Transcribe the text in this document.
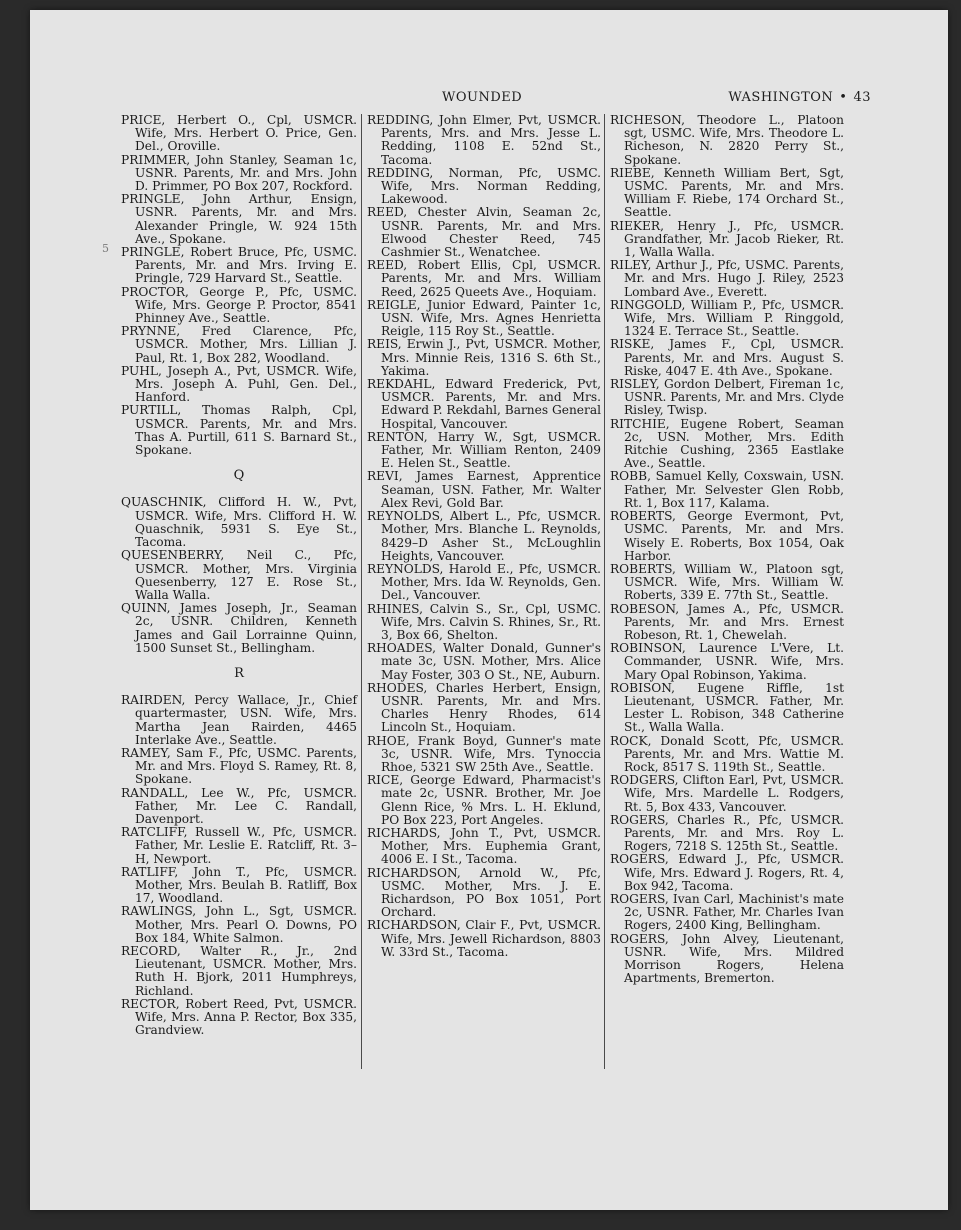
WOUNDED	WASHINGTON • 43
5

PRICE, Herbert O., Cpl, USMCR. Wife, Mrs. Herbert O. Price, Gen. Del., Oroville.

PRIMMER, John Stanley, Seaman 1c, USNR. Parents, Mr. and Mrs. John D. Primmer, PO Box 207, Rockford.

PRINGLE, John Arthur, Ensign, USNR. Parents, Mr. and Mrs. Alexander Pringle, W. 924 15th Ave., Spokane.

PRINGLE, Robert Bruce, Pfc, USMC. Parents, Mr. and Mrs. Irving E. Pringle, 729 Harvard St., Seattle.

PROCTOR, George P., Pfc, USMC. Wife, Mrs. George P. Proctor, 8541 Phinney Ave., Seattle.

PRYNNE, Fred Clarence, Pfc, USMCR. Mother, Mrs. Lillian J. Paul, Rt. 1, Box 282, Woodland.

PUHL, Joseph A., Pvt, USMCR. Wife, Mrs. Joseph A. Puhl, Gen. Del., Hanford.

PURTILL, Thomas Ralph, Cpl, USMCR. Parents, Mr. and Mrs. Thas A. Purtill, 611 S. Barnard St., Spokane.

Q

QUASCHNIK, Clifford H. W., Pvt, USMCR. Wife, Mrs. Clifford H. W. Quaschnik, 5931 S. Eye St., Tacoma.

QUESENBERRY, Neil C., Pfc, USMCR. Mother, Mrs. Virginia Quesenberry, 127 E. Rose St., Walla Walla.

QUINN, James Joseph, Jr., Seaman 2c, USNR. Children, Kenneth James and Gail Lorrainne Quinn, 1500 Sunset St., Bellingham.

R

RAIRDEN, Percy Wallace, Jr., Chief quartermaster, USN. Wife, Mrs. Martha Jean Rairden, 4465 Interlake Ave., Seattle.

RAMEY, Sam F., Pfc, USMC. Parents, Mr. and Mrs. Floyd S. Ramey, Rt. 8, Spokane.

RANDALL, Lee W., Pfc, USMCR. Father, Mr. Lee C. Randall, Davenport.

RATCLIFF, Russell W., Pfc, USMCR. Father, Mr. Leslie E. Ratcliff, Rt. 3–H, Newport.

RATLIFF, John T., Pfc, USMCR. Mother, Mrs. Beulah B. Ratliff, Box 17, Woodland.

RAWLINGS, John L., Sgt, USMCR. Mother, Mrs. Pearl O. Downs, PO Box 184, White Salmon.

RECORD, Walter R., Jr., 2nd Lieutenant, USMCR. Mother, Mrs. Ruth H. Bjork, 2011 Humphreys, Richland.

RECTOR, Robert Reed, Pvt, USMCR. Wife, Mrs. Anna P. Rector, Box 335, Grandview.

REDDING, John Elmer, Pvt, USMCR. Parents, Mrs. and Mrs. Jesse L. Redding, 1108 E. 52nd St., Tacoma.

REDDING, Norman, Pfc, USMC. Wife, Mrs. Norman Redding, Lakewood.

REED, Chester Alvin, Seaman 2c, USNR. Parents, Mr. and Mrs. Elwood Chester Reed, 745 Cashmier St., Wenatchee.

REED, Robert Ellis, Cpl, USMCR. Parents, Mr. and Mrs. William Reed, 2625 Queets Ave., Hoquiam.

REIGLE, Junior Edward, Painter 1c, USN. Wife, Mrs. Agnes Henrietta Reigle, 115 Roy St., Seattle.

REIS, Erwin J., Pvt, USMCR. Mother, Mrs. Minnie Reis, 1316 S. 6th St., Yakima.

REKDAHL, Edward Frederick, Pvt, USMCR. Parents, Mr. and Mrs. Edward P. Rekdahl, Barnes General Hospital, Vancouver.

RENTON, Harry W., Sgt, USMCR. Father, Mr. William Renton, 2409 E. Helen St., Seattle.

REVI, James Earnest, Apprentice Seaman, USN. Father, Mr. Walter Alex Revi, Gold Bar.

REYNOLDS, Albert L., Pfc, USMCR. Mother, Mrs. Blanche L. Reynolds, 8429–D Asher St., McLoughlin Heights, Vancouver.

REYNOLDS, Harold E., Pfc, USMCR. Mother, Mrs. Ida W. Reynolds, Gen. Del., Vancouver.

RHINES, Calvin S., Sr., Cpl, USMC. Wife, Mrs. Calvin S. Rhines, Sr., Rt. 3, Box 66, Shelton.

RHOADES, Walter Donald, Gunner's mate 3c, USN. Mother, Mrs. Alice May Foster, 303 O St., NE, Auburn.

RHODES, Charles Herbert, Ensign, USNR. Parents, Mr. and Mrs. Charles Henry Rhodes, 614 Lincoln St., Hoquiam.

RHOE, Frank Boyd, Gunner's mate 3c, USNR. Wife, Mrs. Tynoccia Rhoe, 5321 SW 25th Ave., Seattle.

RICE, George Edward, Pharmacist's mate 2c, USNR. Brother, Mr. Joe Glenn Rice, % Mrs. L. H. Eklund, PO Box 223, Port Angeles.

RICHARDS, John T., Pvt, USMCR. Mother, Mrs. Euphemia Grant, 4006 E. I St., Tacoma.

RICHARDSON, Arnold W., Pfc, USMC. Mother, Mrs. J. E. Richardson, PO Box 1051, Port Orchard.

RICHARDSON, Clair F., Pvt, USMCR. Wife, Mrs. Jewell Richardson, 8803 W. 33rd St., Tacoma.

RICHESON, Theodore L., Platoon sgt, USMC. Wife, Mrs. Theodore L. Richeson, N. 2820 Perry St., Spokane.

RIEBE, Kenneth William Bert, Sgt, USMC. Parents, Mr. and Mrs. William F. Riebe, 174 Orchard St., Seattle.

RIEKER, Henry J., Pfc, USMCR. Grandfather, Mr. Jacob Rieker, Rt. 1, Walla Walla.

RILEY, Arthur J., Pfc, USMC. Parents, Mr. and Mrs. Hugo J. Riley, 2523 Lombard Ave., Everett.

RINGGOLD, William P., Pfc, USMCR. Wife, Mrs. William P. Ringgold, 1324 E. Terrace St., Seattle.

RISKE, James F., Cpl, USMCR. Parents, Mr. and Mrs. August S. Riske, 4047 E. 4th Ave., Spokane.

RISLEY, Gordon Delbert, Fireman 1c, USNR. Parents, Mr. and Mrs. Clyde Risley, Twisp.

RITCHIE, Eugene Robert, Seaman 2c, USN. Mother, Mrs. Edith Ritchie Cushing, 2365 Eastlake Ave., Seattle.

ROBB, Samuel Kelly, Coxswain, USN. Father, Mr. Selvester Glen Robb, Rt. 1, Box 117, Kalama.

ROBERTS, George Evermont, Pvt, USMC. Parents, Mr. and Mrs. Wisely E. Roberts, Box 1054, Oak Harbor.

ROBERTS, William W., Platoon sgt, USMCR. Wife, Mrs. William W. Roberts, 339 E. 77th St., Seattle.

ROBESON, James A., Pfc, USMCR. Parents, Mr. and Mrs. Ernest Robeson, Rt. 1, Chewelah.

ROBINSON, Laurence L'Vere, Lt. Commander, USNR. Wife, Mrs. Mary Opal Robinson, Yakima.

ROBISON, Eugene Riffle, 1st Lieutenant, USMCR. Father, Mr. Lester L. Robison, 348 Catherine St., Walla Walla.

ROCK, Donald Scott, Pfc, USMCR. Parents, Mr. and Mrs. Wattie M. Rock, 8517 S. 119th St., Seattle.

RODGERS, Clifton Earl, Pvt, USMCR. Wife, Mrs. Mardelle L. Rodgers, Rt. 5, Box 433, Vancouver.

ROGERS, Charles R., Pfc, USMCR. Parents, Mr. and Mrs. Roy L. Rogers, 7218 S. 125th St., Seattle.

ROGERS, Edward J., Pfc, USMCR. Wife, Mrs. Edward J. Rogers, Rt. 4, Box 942, Tacoma.

ROGERS, Ivan Carl, Machinist's mate 2c, USNR. Father, Mr. Charles Ivan Rogers, 2400 King, Bellingham.

ROGERS, John Alvey, Lieutenant, USNR. Wife, Mrs. Mildred Morrison Rogers, Helena Apartments, Bremerton.
